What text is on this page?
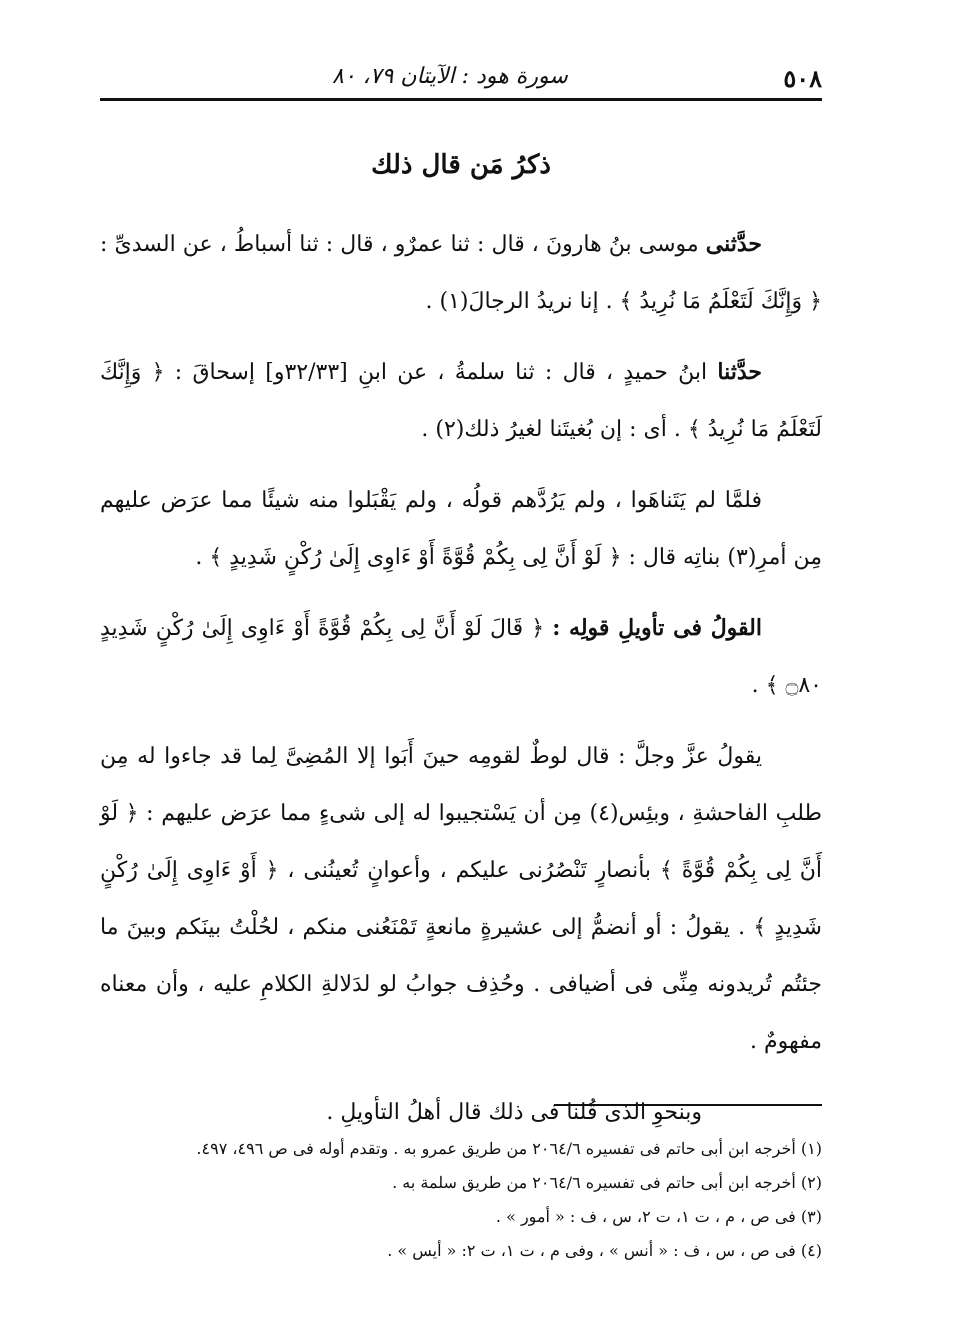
٥٠٨
سورة هود : الآيتان ٧٩، ٨٠
ذكرُ مَن قال ذلك

حدَّثنى موسى بنُ هارونَ ، قال : ثنا عمرٌو ، قال : ثنا أسباطُ ، عن السدىِّ : ﴿ وَإِنَّكَ لَتَعْلَمُ مَا نُرِيدُ ﴾ . إنا نريدُ الرجالَ(١) .

حدَّثنا ابنُ حميدٍ ، قال : ثنا سلمةُ ، عن ابنِ [٣٢/٣٣و] إسحاقَ : ﴿ وَإِنَّكَ لَتَعْلَمُ مَا نُرِيدُ ﴾ . أى : إن بُغيتَنا لغيرُ ذلك(٢) .

فلمَّا لم يَتَناهَوا ، ولم يَرُدَّهم قولُه ، ولم يَقْبَلوا منه شيئًا مما عرَض عليهم مِن أمرِ(٣) بناتِه قال : ﴿ لَوْ أَنَّ لِى بِكُمْ قُوَّةً أَوْ ءَاوِى إِلَىٰ رُكْنٍ شَدِيدٍ ﴾ .

القولُ فى تأويلِ قولِه : ﴿ قَالَ لَوْ أَنَّ لِى بِكُمْ قُوَّةً أَوْ ءَاوِى إِلَىٰ رُكْنٍ شَدِيدٍ ۝٨٠ ﴾ .

يقولُ عزَّ وجلَّ : قال لوطٌ لقومِه حينَ أَبَوا إلا المُضِىَّ لِما قد جاءوا له مِن طلبِ الفاحشةِ ، وبئِس(٤) مِن أن يَسْتجيبوا له إلى شىءٍ مما عرَض عليهم : ﴿ لَوْ أَنَّ لِى بِكُمْ قُوَّةً ﴾ بأنصارٍ تَنْصُرُنى عليكم ، وأعوانٍ تُعينُنى ، ﴿ أَوْ ءَاوِى إِلَىٰ رُكْنٍ شَدِيدٍ ﴾ . يقولُ : أو أنضمُّ إلى عشيرةٍ مانعةٍ تَمْنَعُنى منكم ، لحُلْتُ بينَكم وبينَ ما جئتُم تُريدونه مِنِّى فى أضيافى . وحُذِف جوابُ لو لدَلالةِ الكلامِ عليه ، وأن معناه مفهومٌ .

وبنحوِ الذى قُلنا فى ذلك قال أهلُ التأويلِ .

(١) أخرجه ابن أبى حاتم فى تفسيره ٢٠٦٤/٦ من طريق عمرو به . وتقدم أوله فى ص ٤٩٦، ٤٩٧.
(٢) أخرجه ابن أبى حاتم فى تفسيره ٢٠٦٤/٦ من طريق سلمة به .
(٣) فى ص ، م ، ت ١، ت ٢، س ، ف : « أمور » .
(٤) فى ص ، س ، ف : « أنس » ، وفى م ، ت ١، ت ٢: « أيس » .
